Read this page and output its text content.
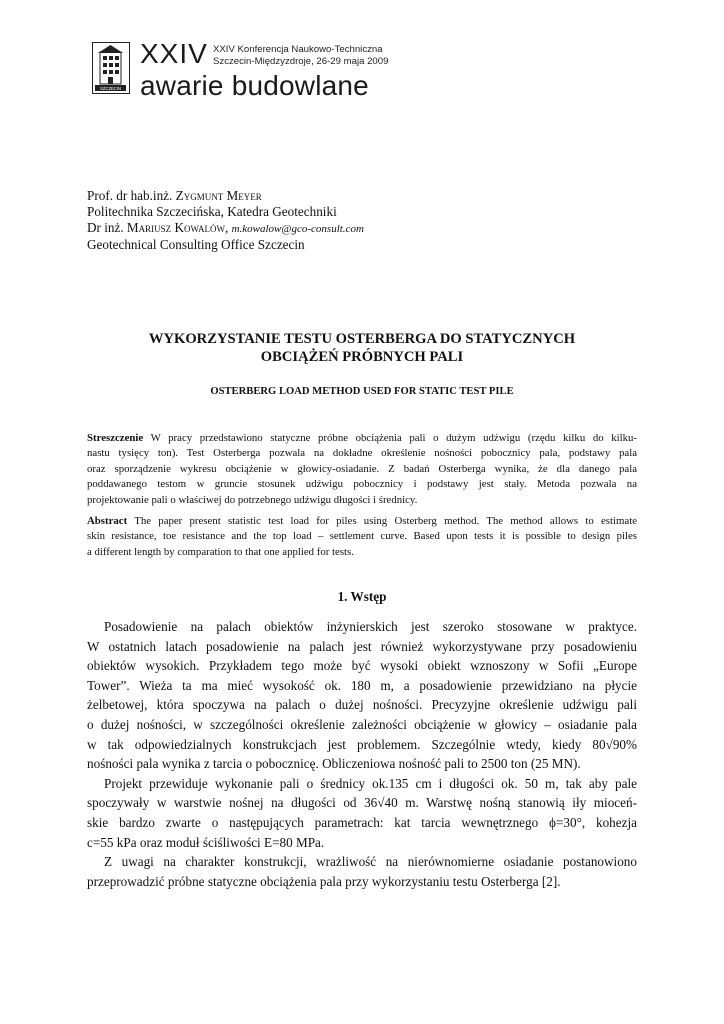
SZCZECIN
XXIV XXIV Konferencja Naukowo-Techniczna
Szczecin-Międzyzdroje, 26-29 maja 2009
awarie budowlane
Prof. dr hab.inż. Zygmunt Meyer
Politechnika Szczecińska, Katedra Geotechniki
Dr inż. Mariusz Kowalów, m.kowalow@gco-consult.com
Geotechnical Consulting Office Szczecin
WYKORZYSTANIE TESTU OSTERBERGA DO STATYCZNYCH
OBCIĄŻEŃ PRÓBNYCH PALI
OSTERBERG LOAD METHOD USED FOR STATIC TEST PILE
Streszczenie W pracy przedstawiono statyczne próbne obciążenia pali o dużym udźwigu (rzędu kilku do kilku-
nastu tysięcy ton). Test Osterberga pozwala na dokładne określenie nośności pobocznicy pala, podstawy pala
oraz sporządzenie wykresu obciążenie w głowicy-osiadanie. Z badań Osterberga wynika, że dla danego pala
poddawanego testom w gruncie stosunek udźwigu pobocznicy i podstawy jest stały. Metoda pozwala na
projektowanie pali o właściwej do potrzebnego udźwigu długości i średnicy.
Abstract The paper present statistic test load for piles using Osterberg method. The method allows to estimate
skin resistance, toe resistance and the top load – settlement curve. Based upon tests it is possible to design piles
a different length by comparation to that one applied for tests.
1. Wstęp
Posadowienie na palach obiektów inżynierskich jest szeroko stosowane w praktyce.
W ostatnich latach posadowienie na palach jest również wykorzystywane przy posadowieniu
obiektów wysokich. Przykładem tego może być wysoki obiekt wznoszony w Sofii „Europe
Tower”. Wieża ta ma mieć wysokość ok. 180 m, a posadowienie przewidziano na płycie
żelbetowej, która spoczywa na palach o dużej nośności. Precyzyjne określenie udźwigu pali
o dużej nośności, w szczególności określenie zależności obciążenie w głowicy – osiadanie pala
w tak odpowiedzialnych konstrukcjach jest problemem. Szczególnie wtedy, kiedy 80√90%
nośności pala wynika z tarcia o pobocznicę. Obliczeniowa nośność pali to 2500 ton (25 MN).
Projekt przewiduje wykonanie pali o średnicy ok.135 cm i długości ok. 50 m, tak aby pale
spoczywały w warstwie nośnej na długości od 36√40 m. Warstwę nośną stanowią iły mioceń-
skie bardzo zwarte o następujących parametrach: kat tarcia wewnętrznego ϕ=30°, kohezja
c=55 kPa oraz moduł ściśliwości E=80 MPa.
Z uwagi na charakter konstrukcji, wrażliwość na nierównomierne osiadanie postanowiono
przeprowadzić próbne statyczne obciążenia pala przy wykorzystaniu testu Osterberga [2].
